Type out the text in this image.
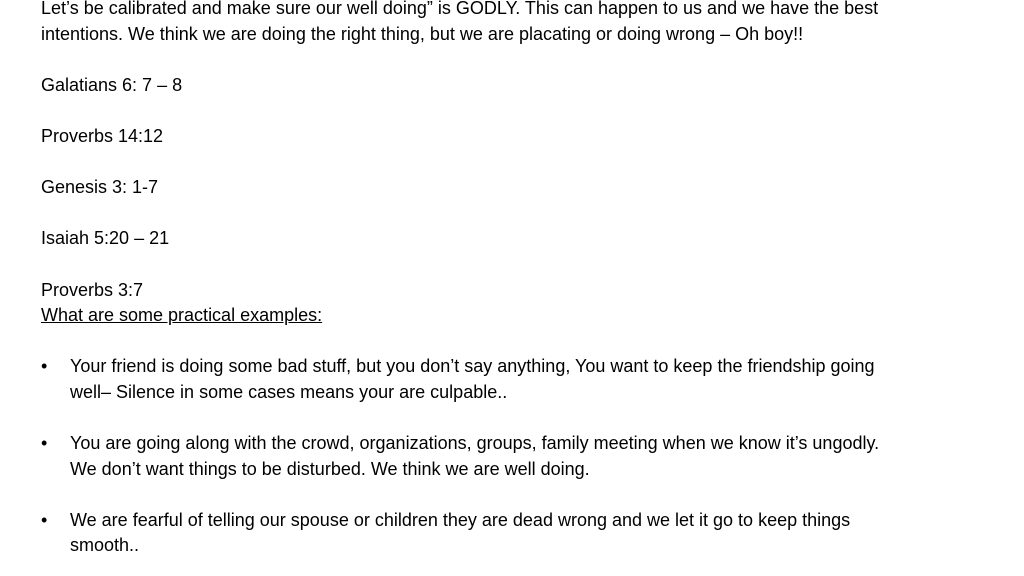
Let’s be calibrated and make sure our well doing” is GODLY. This can happen to us and we have the best
intentions. We think we are doing the right thing, but we are placating or doing wrong – Oh boy!!
Galatians 6: 7 – 8
Proverbs 14:12
Genesis 3: 1-7
Isaiah 5:20 – 21
Proverbs 3:7
What are some practical examples:
• Your friend is doing some bad stuff, but you don’t say anything, You want to keep the friendship going
well– Silence in some cases means your are culpable..
• You are going along with the crowd, organizations, groups, family meeting when we know it’s ungodly.
We don’t want things to be disturbed. We think we are well doing.
• We are fearful of telling our spouse or children they are dead wrong and we let it go to keep things
smooth..
